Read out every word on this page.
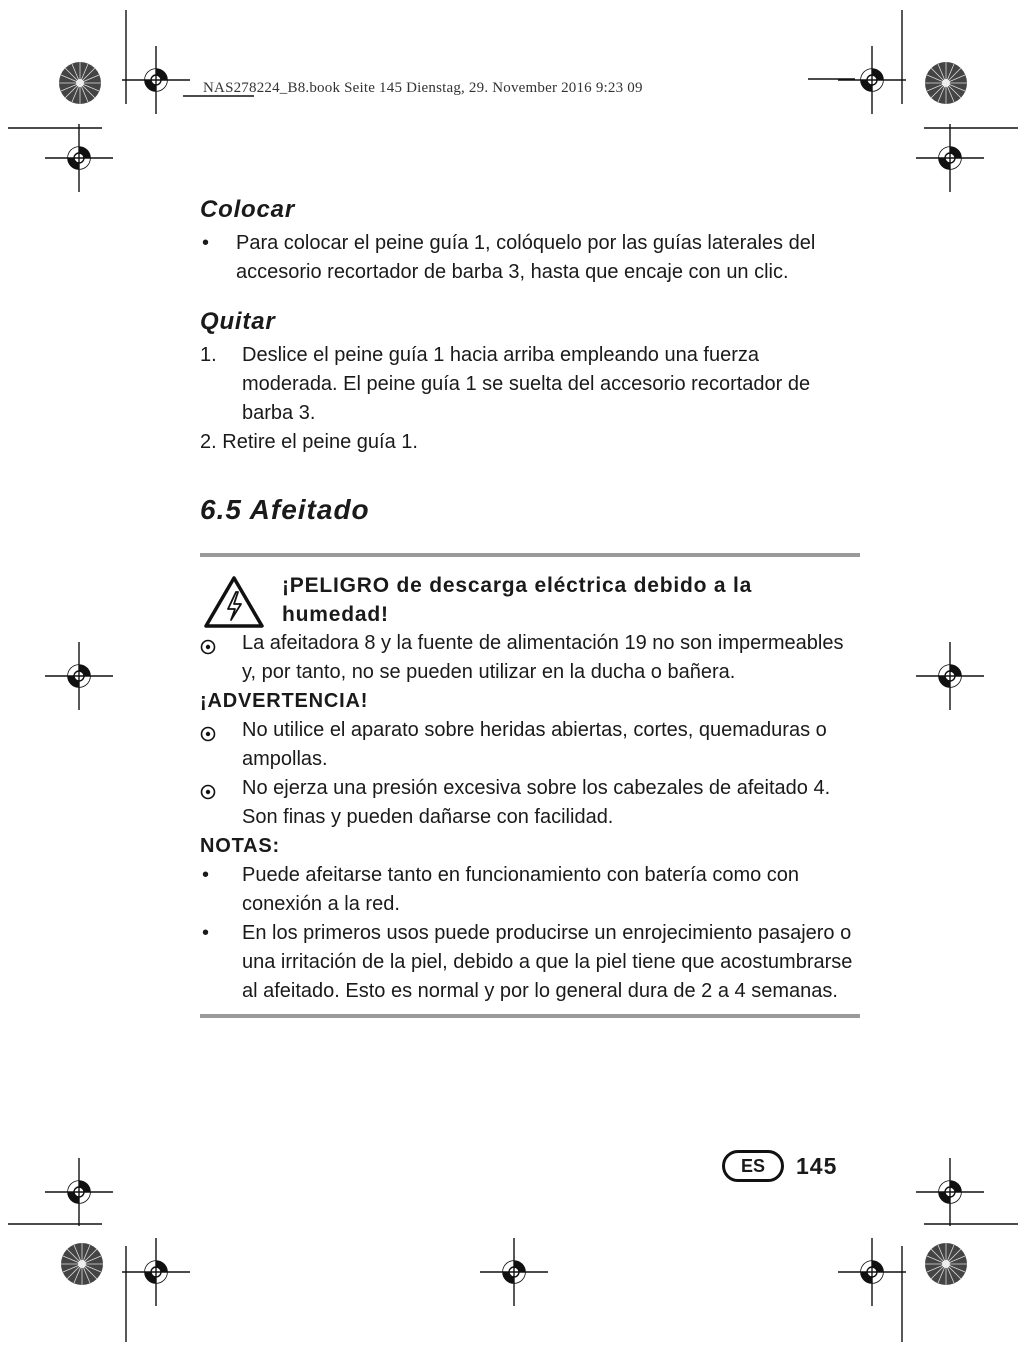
NAS278224_B8.book Seite 145 Dienstag, 29. November 2016 9:23 09
Colocar
• Para colocar el peine guía 1, colóquelo por las guías laterales del accesorio recortador de barba 3, hasta que encaje con un clic.
Quitar
1. Deslice el peine guía 1 hacia arriba empleando una fuerza moderada. El peine guía 1 se suelta del accesorio recortador de barba 3.
2. Retire el peine guía 1.
6.5 Afeitado
¡PELIGRO de descarga eléctrica debido a la humedad!
La afeitadora 8 y la fuente de alimentación 19 no son impermeables y, por tanto, no se pueden utilizar en la ducha o bañera.
¡ADVERTENCIA!
No utilice el aparato sobre heridas abiertas, cortes, quemaduras o ampollas.
No ejerza una presión excesiva sobre los cabezales de afeitado 4. Son finas y pueden dañarse con facilidad.
NOTAS:
• Puede afeitarse tanto en funcionamiento con batería como con conexión a la red.
• En los primeros usos puede producirse un enrojecimiento pasajero o una irritación de la piel, debido a que la piel tiene que acostumbrarse al afeitado. Esto es normal y por lo general dura de 2 a 4 semanas.
ES	145
